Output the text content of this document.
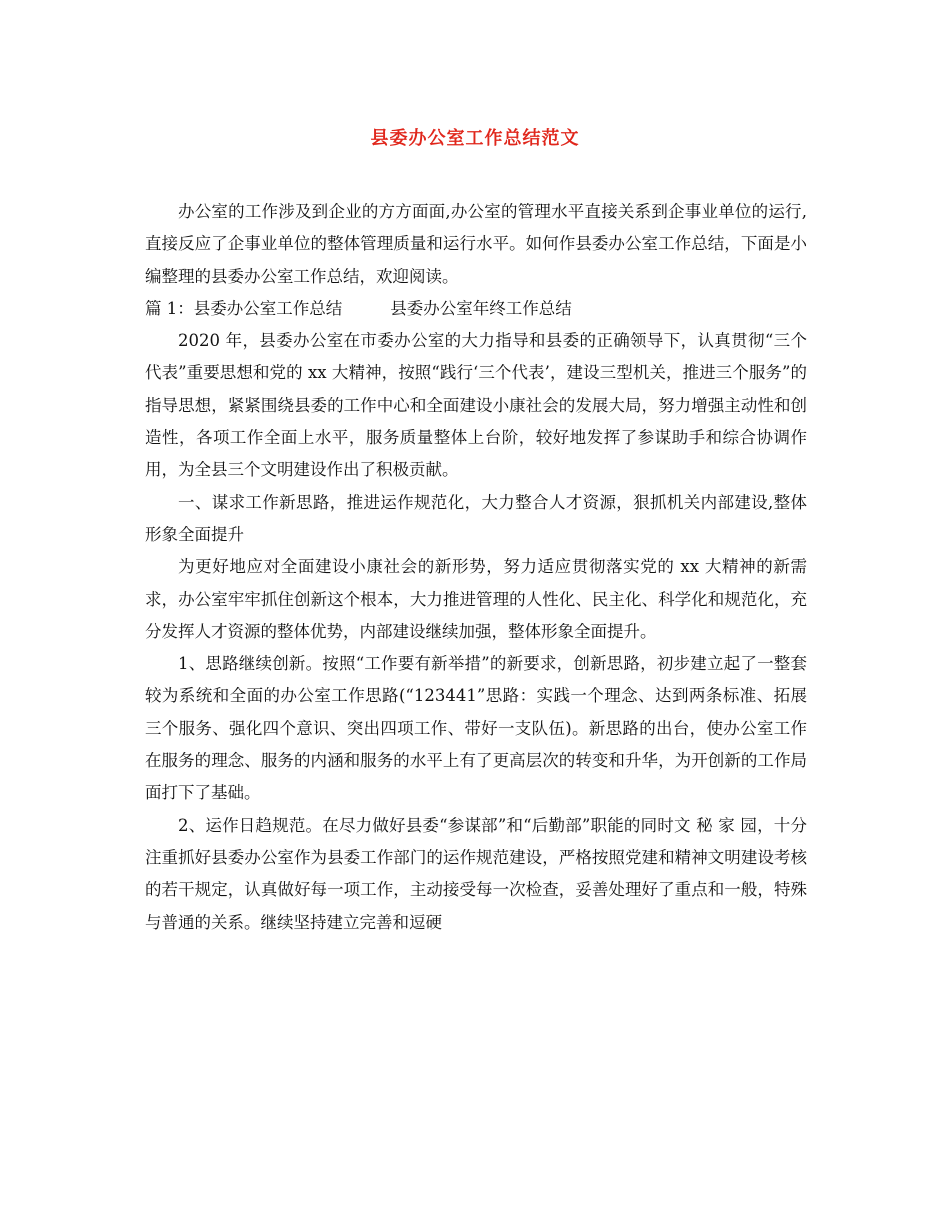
县委办公室工作总结范文

办公室的工作涉及到企业的方方面面,办公室的管理水平直接关系到企事业单位的运行,直接反应了企事业单位的整体管理质量和运行水平。如何作县委办公室工作总结，下面是小编整理的县委办公室工作总结，欢迎阅读。

篇 1：县委办公室工作总结	县委办公室年终工作总结

2020 年，县委办公室在市委办公室的大力指导和县委的正确领导下，认真贯彻“三个代表”重要思想和党的 xx 大精神，按照“践行‘三个代表’，建设三型机关，推进三个服务”的指导思想，紧紧围绕县委的工作中心和全面建设小康社会的发展大局，努力增强主动性和创造性，各项工作全面上水平，服务质量整体上台阶，较好地发挥了参谋助手和综合协调作用，为全县三个文明建设作出了积极贡献。

一、谋求工作新思路，推进运作规范化，大力整合人才资源，狠抓机关内部建设,整体形象全面提升

为更好地应对全面建设小康社会的新形势，努力适应贯彻落实党的 xx 大精神的新需求，办公室牢牢抓住创新这个根本，大力推进管理的人性化、民主化、科学化和规范化，充分发挥人才资源的整体优势，内部建设继续加强，整体形象全面提升。

1、思路继续创新。按照“工作要有新举措”的新要求，创新思路，初步建立起了一整套较为系统和全面的办公室工作思路(“123441”思路：实践一个理念、达到两条标准、拓展三个服务、强化四个意识、突出四项工作、带好一支队伍)。新思路的出台，使办公室工作在服务的理念、服务的内涵和服务的水平上有了更高层次的转变和升华，为开创新的工作局面打下了基础。

2、运作日趋规范。在尽力做好县委“参谋部”和“后勤部”职能的同时文 秘 家 园，十分注重抓好县委办公室作为县委工作部门的运作规范建设，严格按照党建和精神文明建设考核的若干规定，认真做好每一项工作，主动接受每一次检查，妥善处理好了重点和一般，特殊与普通的关系。继续坚持建立完善和逗硬
